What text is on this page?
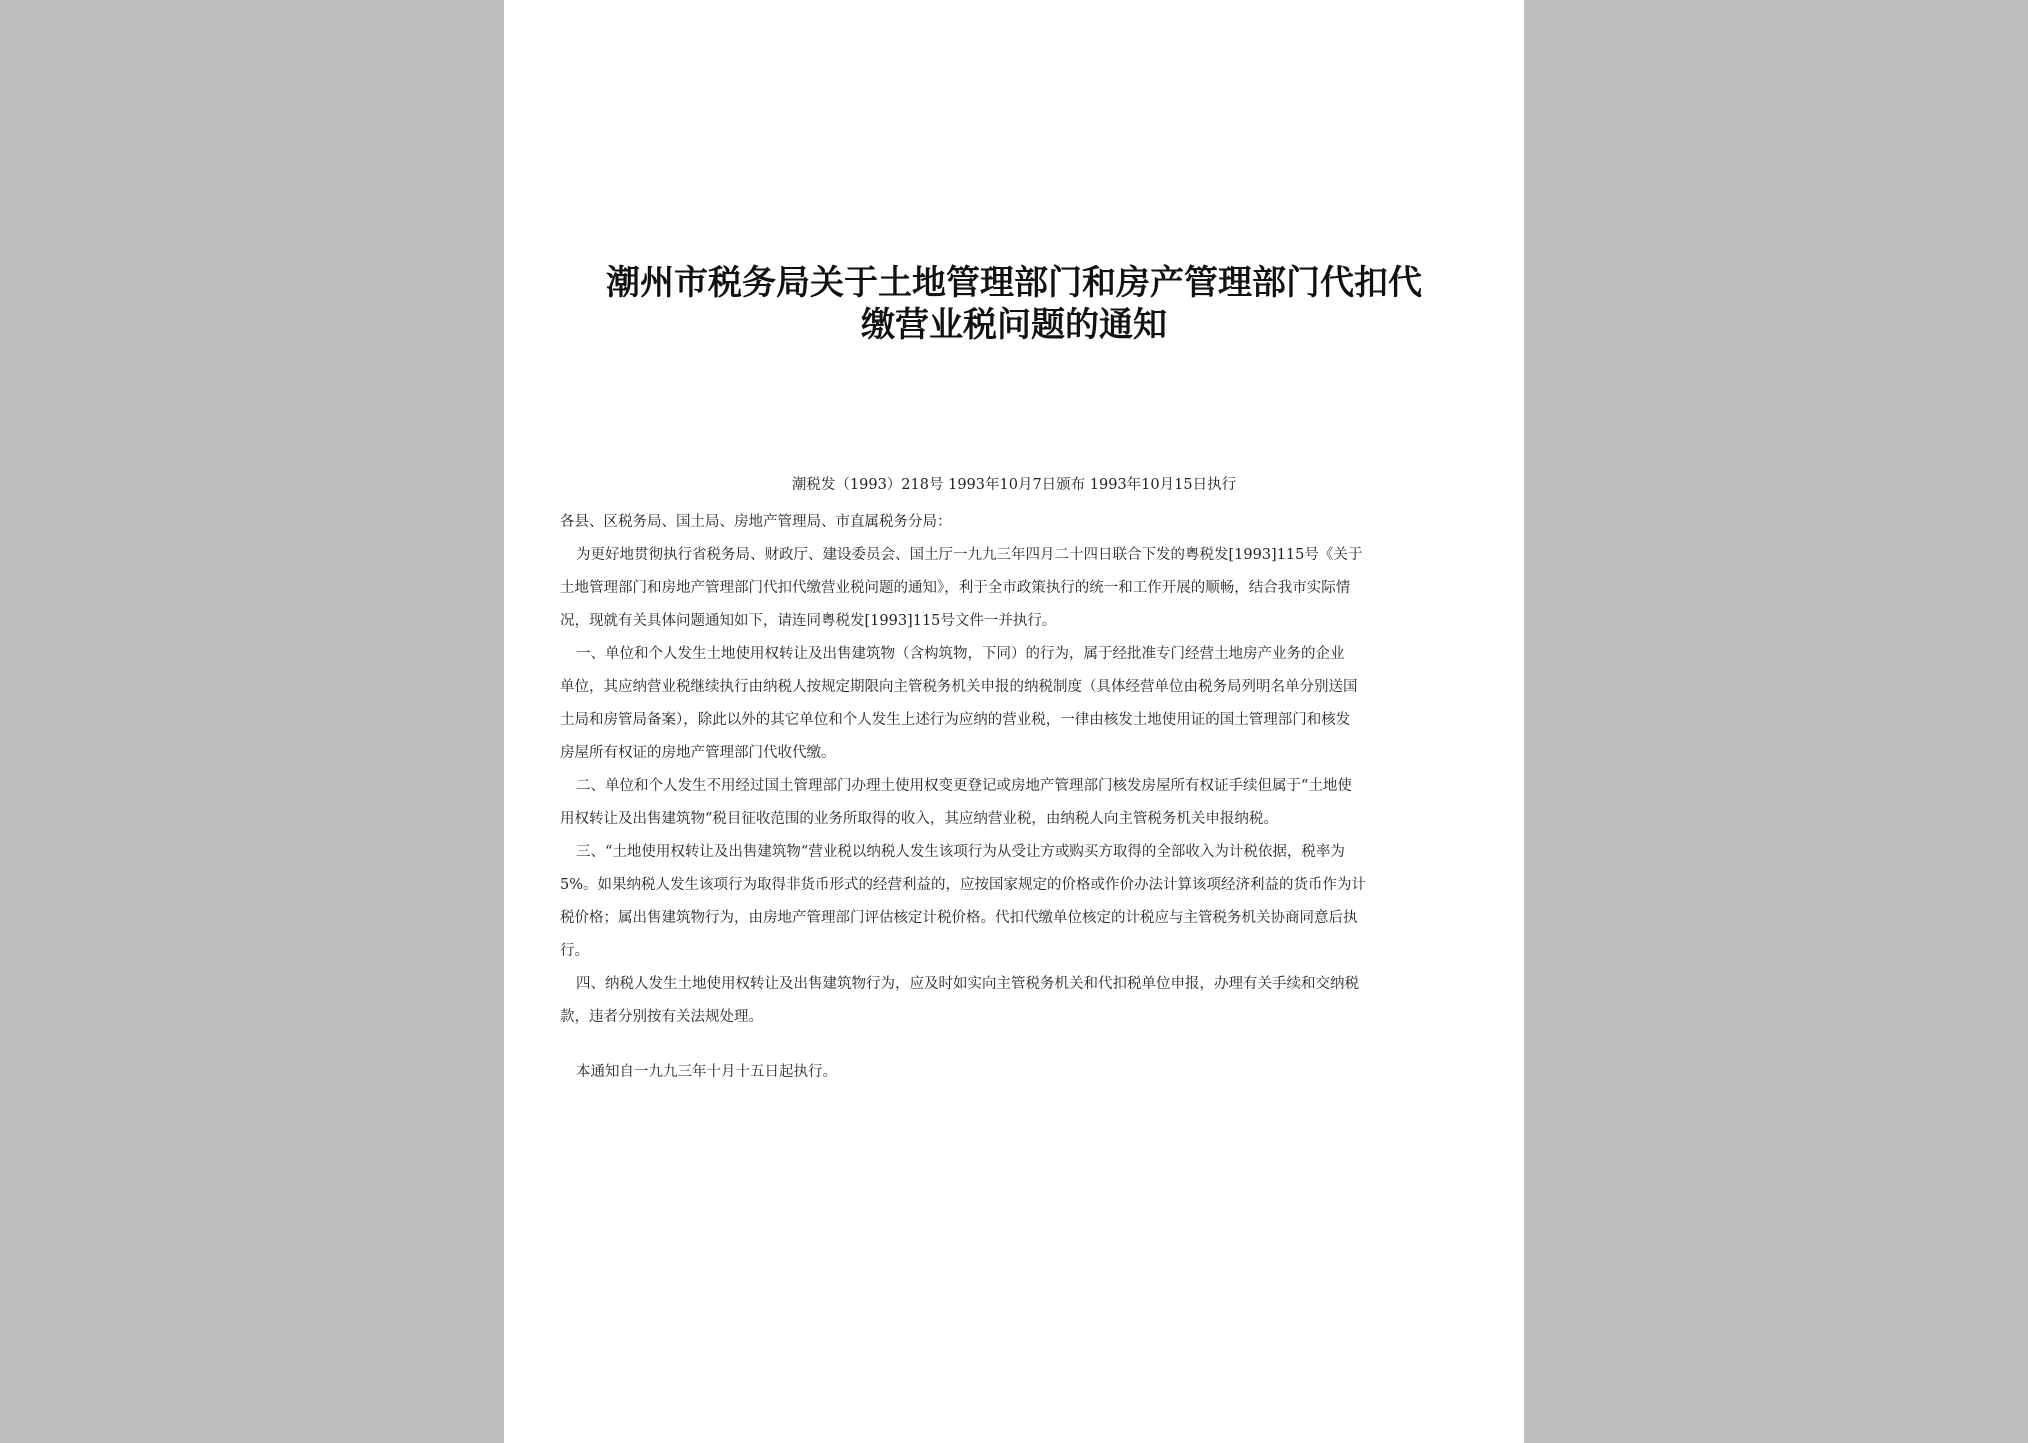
潮州市税务局关于土地管理部门和房产管理部门代扣代
缴营业税问题的通知
潮税发（1993）218号 1993年10月7日颁布 1993年10月15日执行

各县、区税务局、国土局、房地产管理局、市直属税务分局：

为更好地贯彻执行省税务局、财政厅、建设委员会、国土厅一九九三年四月二十四日联合下发的粤税发[1993]115号《关于

土地管理部门和房地产管理部门代扣代缴营业税问题的通知》，利于全市政策执行的统一和工作开展的顺畅，结合我市实际情

况，现就有关具体问题通知如下，请连同粤税发[1993]115号文件一并执行。

一、单位和个人发生土地使用权转让及出售建筑物（含构筑物，下同）的行为，属于经批准专门经营土地房产业务的企业

单位，其应纳营业税继续执行由纳税人按规定期限向主管税务机关申报的纳税制度（具体经营单位由税务局列明名单分别送国

土局和房管局备案），除此以外的其它单位和个人发生上述行为应纳的营业税，一律由核发土地使用证的国土管理部门和核发

房屋所有权证的房地产管理部门代收代缴。

二、单位和个人发生不用经过国土管理部门办理土使用权变更登记或房地产管理部门核发房屋所有权证手续但属于“土地使

用权转让及出售建筑物“税目征收范围的业务所取得的收入，其应纳营业税，由纳税人向主管税务机关申报纳税。

三、“土地使用权转让及出售建筑物“营业税以纳税人发生该项行为从受让方或购买方取得的全部收入为计税依据，税率为

5%。如果纳税人发生该项行为取得非货币形式的经营利益的，应按国家规定的价格或作价办法计算该项经济利益的货币作为计

税价格；属出售建筑物行为，由房地产管理部门评估核定计税价格。代扣代缴单位核定的计税应与主管税务机关协商同意后执

行。

四、纳税人发生土地使用权转让及出售建筑物行为，应及时如实向主管税务机关和代扣税单位申报，办理有关手续和交纳税

款，违者分别按有关法规处理。

本通知自一九九三年十月十五日起执行。
